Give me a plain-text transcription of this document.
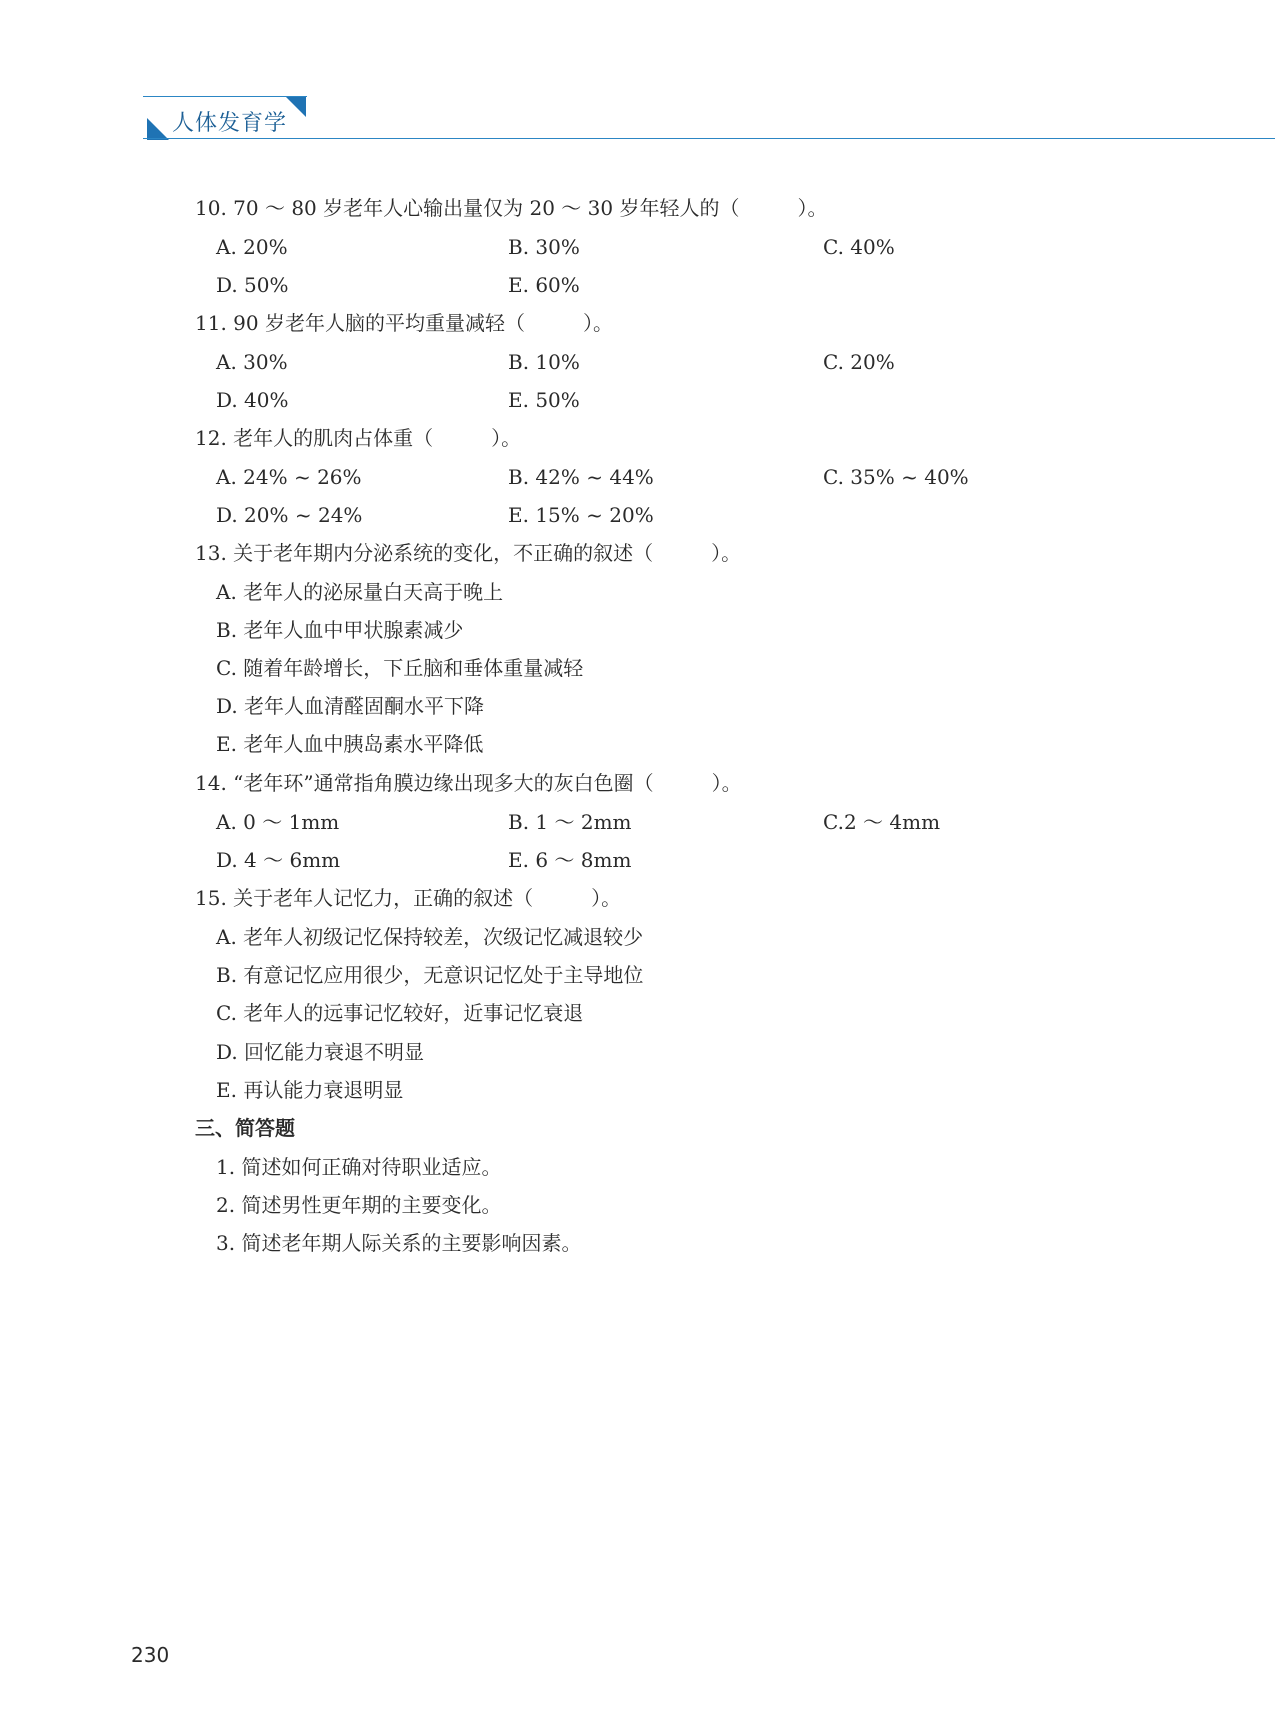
人体发育学
10. 70 ～ 80 岁老年人心输出量仅为 20 ～ 30 岁年轻人的（	）。
A. 20%	B. 30%	C. 40%
D. 50%	E. 60%
11. 90 岁老年人脑的平均重量减轻（	）。
A. 30%	B. 10%	C. 20%
D. 40%	E. 50%
12. 老年人的肌肉占体重（	）。
A. 24% ~ 26%	B. 42% ~ 44%	C. 35% ~ 40%
D. 20% ~ 24%	E. 15% ~ 20%
13. 关于老年期内分泌系统的变化，不正确的叙述（	）。
A. 老年人的泌尿量白天高于晚上
B. 老年人血中甲状腺素减少
C. 随着年龄增长，下丘脑和垂体重量减轻
D. 老年人血清醛固酮水平下降
E. 老年人血中胰岛素水平降低
14. “老年环”通常指角膜边缘出现多大的灰白色圈（	）。
A. 0 ～ 1mm	B. 1 ～ 2mm	C.2 ～ 4mm
D. 4 ～ 6mm	E. 6 ～ 8mm
15. 关于老年人记忆力，正确的叙述（	）。
A. 老年人初级记忆保持较差，次级记忆减退较少
B. 有意记忆应用很少，无意识记忆处于主导地位
C. 老年人的远事记忆较好，近事记忆衰退
D. 回忆能力衰退不明显
E. 再认能力衰退明显
三、简答题
1. 简述如何正确对待职业适应。
2. 简述男性更年期的主要变化。
3. 简述老年期人际关系的主要影响因素。
230
